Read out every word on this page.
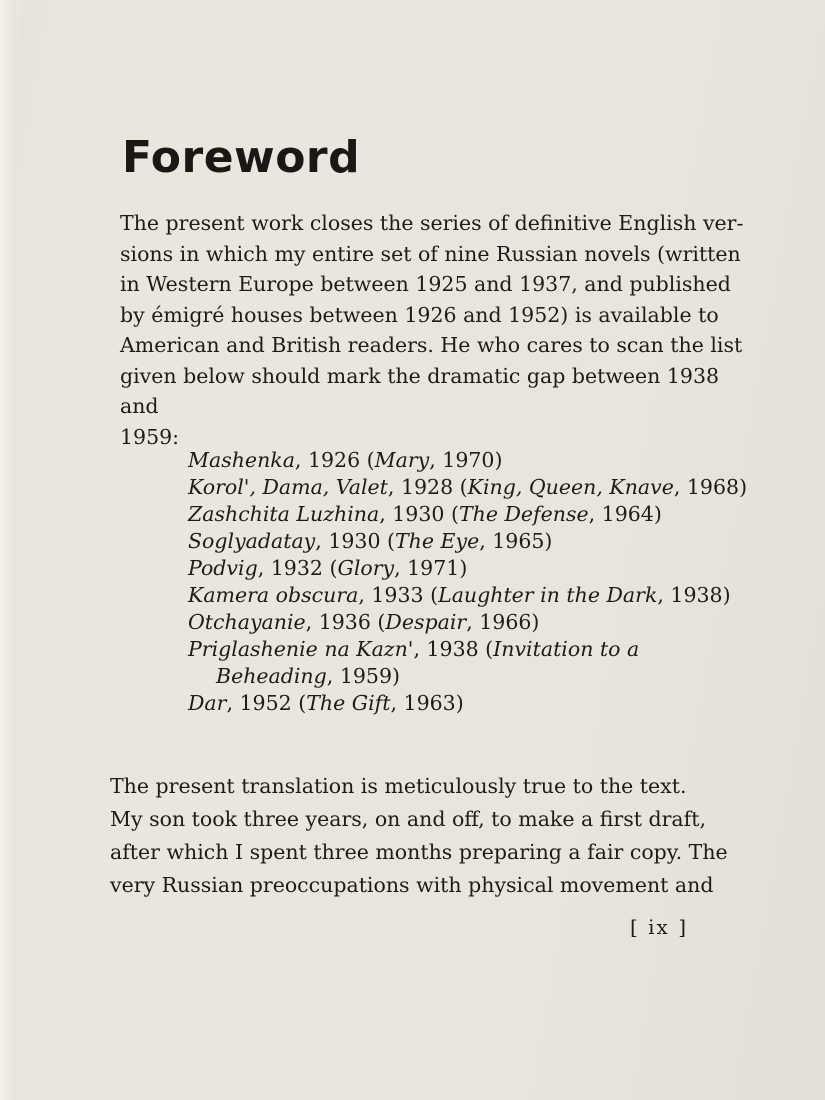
Foreword

The present work closes the series of definitive English ver-

sions in which my entire set of nine Russian novels (written

in Western Europe between 1925 and 1937, and published

by émigré houses between 1926 and 1952) is available to

American and British readers. He who cares to scan the list

given below should mark the dramatic gap between 1938 and

1959:

Mashenka, 1926 (Mary, 1970)

Korol', Dama, Valet, 1928 (King, Queen, Knave, 1968)

Zashchita Luzhina, 1930 (The Defense, 1964)

Soglyadatay, 1930 (The Eye, 1965)

Podvig, 1932 (Glory, 1971)

Kamera obscura, 1933 (Laughter in the Dark, 1938)

Otchayanie, 1936 (Despair, 1966)

Priglashenie na Kazn', 1938 (Invitation to a Beheading, 1959)

Dar, 1952 (The Gift, 1963)

The present translation is meticulously true to the text.

My son took three years, on and off, to make a first draft,

after which I spent three months preparing a fair copy. The

very Russian preoccupations with physical movement and

[ ix ]
